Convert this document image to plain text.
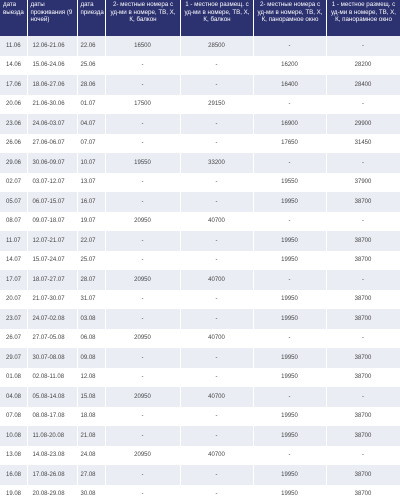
дата выезда	даты проживания (9 ночей)	дата приезда	2- местные номера с уд-ми в номере, ТВ, Х, К, балкон	1 - местное размещ. с уд-ми в номере, ТВ, Х, К, балкон	2- местные номера с уд-ми в номере, ТВ, Х, К, панорамное окно	1 - местное размещ. с уд-ми в номере, ТВ, Х, К, панорамное окно
11.06	12.06-21.06	22.06	16500	28500	-	-
14.06	15.06-24.06	25.06	-	-	16200	28200
17.06	18.06-27.06	28.06	-	-	16400	28400
20.06	21.06-30.06	01.07	17500	29150	-	-
23.06	24.06-03.07	04.07	-	-	16900	29900
26.06	27.06-06.07	07.07	-	-	17650	31450
29.06	30.06-09.07	10.07	19550	33200	-	-
02.07	03.07-12.07	13.07	-	-	19550	37900
05.07	06.07-15.07	16.07	-	-	19950	38700
08.07	09.07-18.07	19.07	20950	40700	-	-
11.07	12.07-21.07	22.07	-	-	19950	38700
14.07	15.07-24.07	25.07	-	-	19950	38700
17.07	18.07-27.07	28.07	20950	40700	-	-
20.07	21.07-30.07	31.07	-	-	19950	38700
23.07	24.07-02.08	03.08	-	-	19950	38700
26.07	27.07-05.08	06.08	20950	40700	-	-
29.07	30.07-08.08	09.08	-	-	19950	38700
01.08	02.08-11.08	12.08	-	-	19950	38700
04.08	05.08-14.08	15.08	20950	40700	-	-
07.08	08.08-17.08	18.08	-	-	19950	38700
10.08	11.08-20.08	21.08	-	-	19950	38700
13.08	14.08-23.08	24.08	20950	40700	-	-
16.08	17.08-26.08	27.08	-	-	19950	38700
19.08	20.08-29.08	30.08	-	-	19950	38700
